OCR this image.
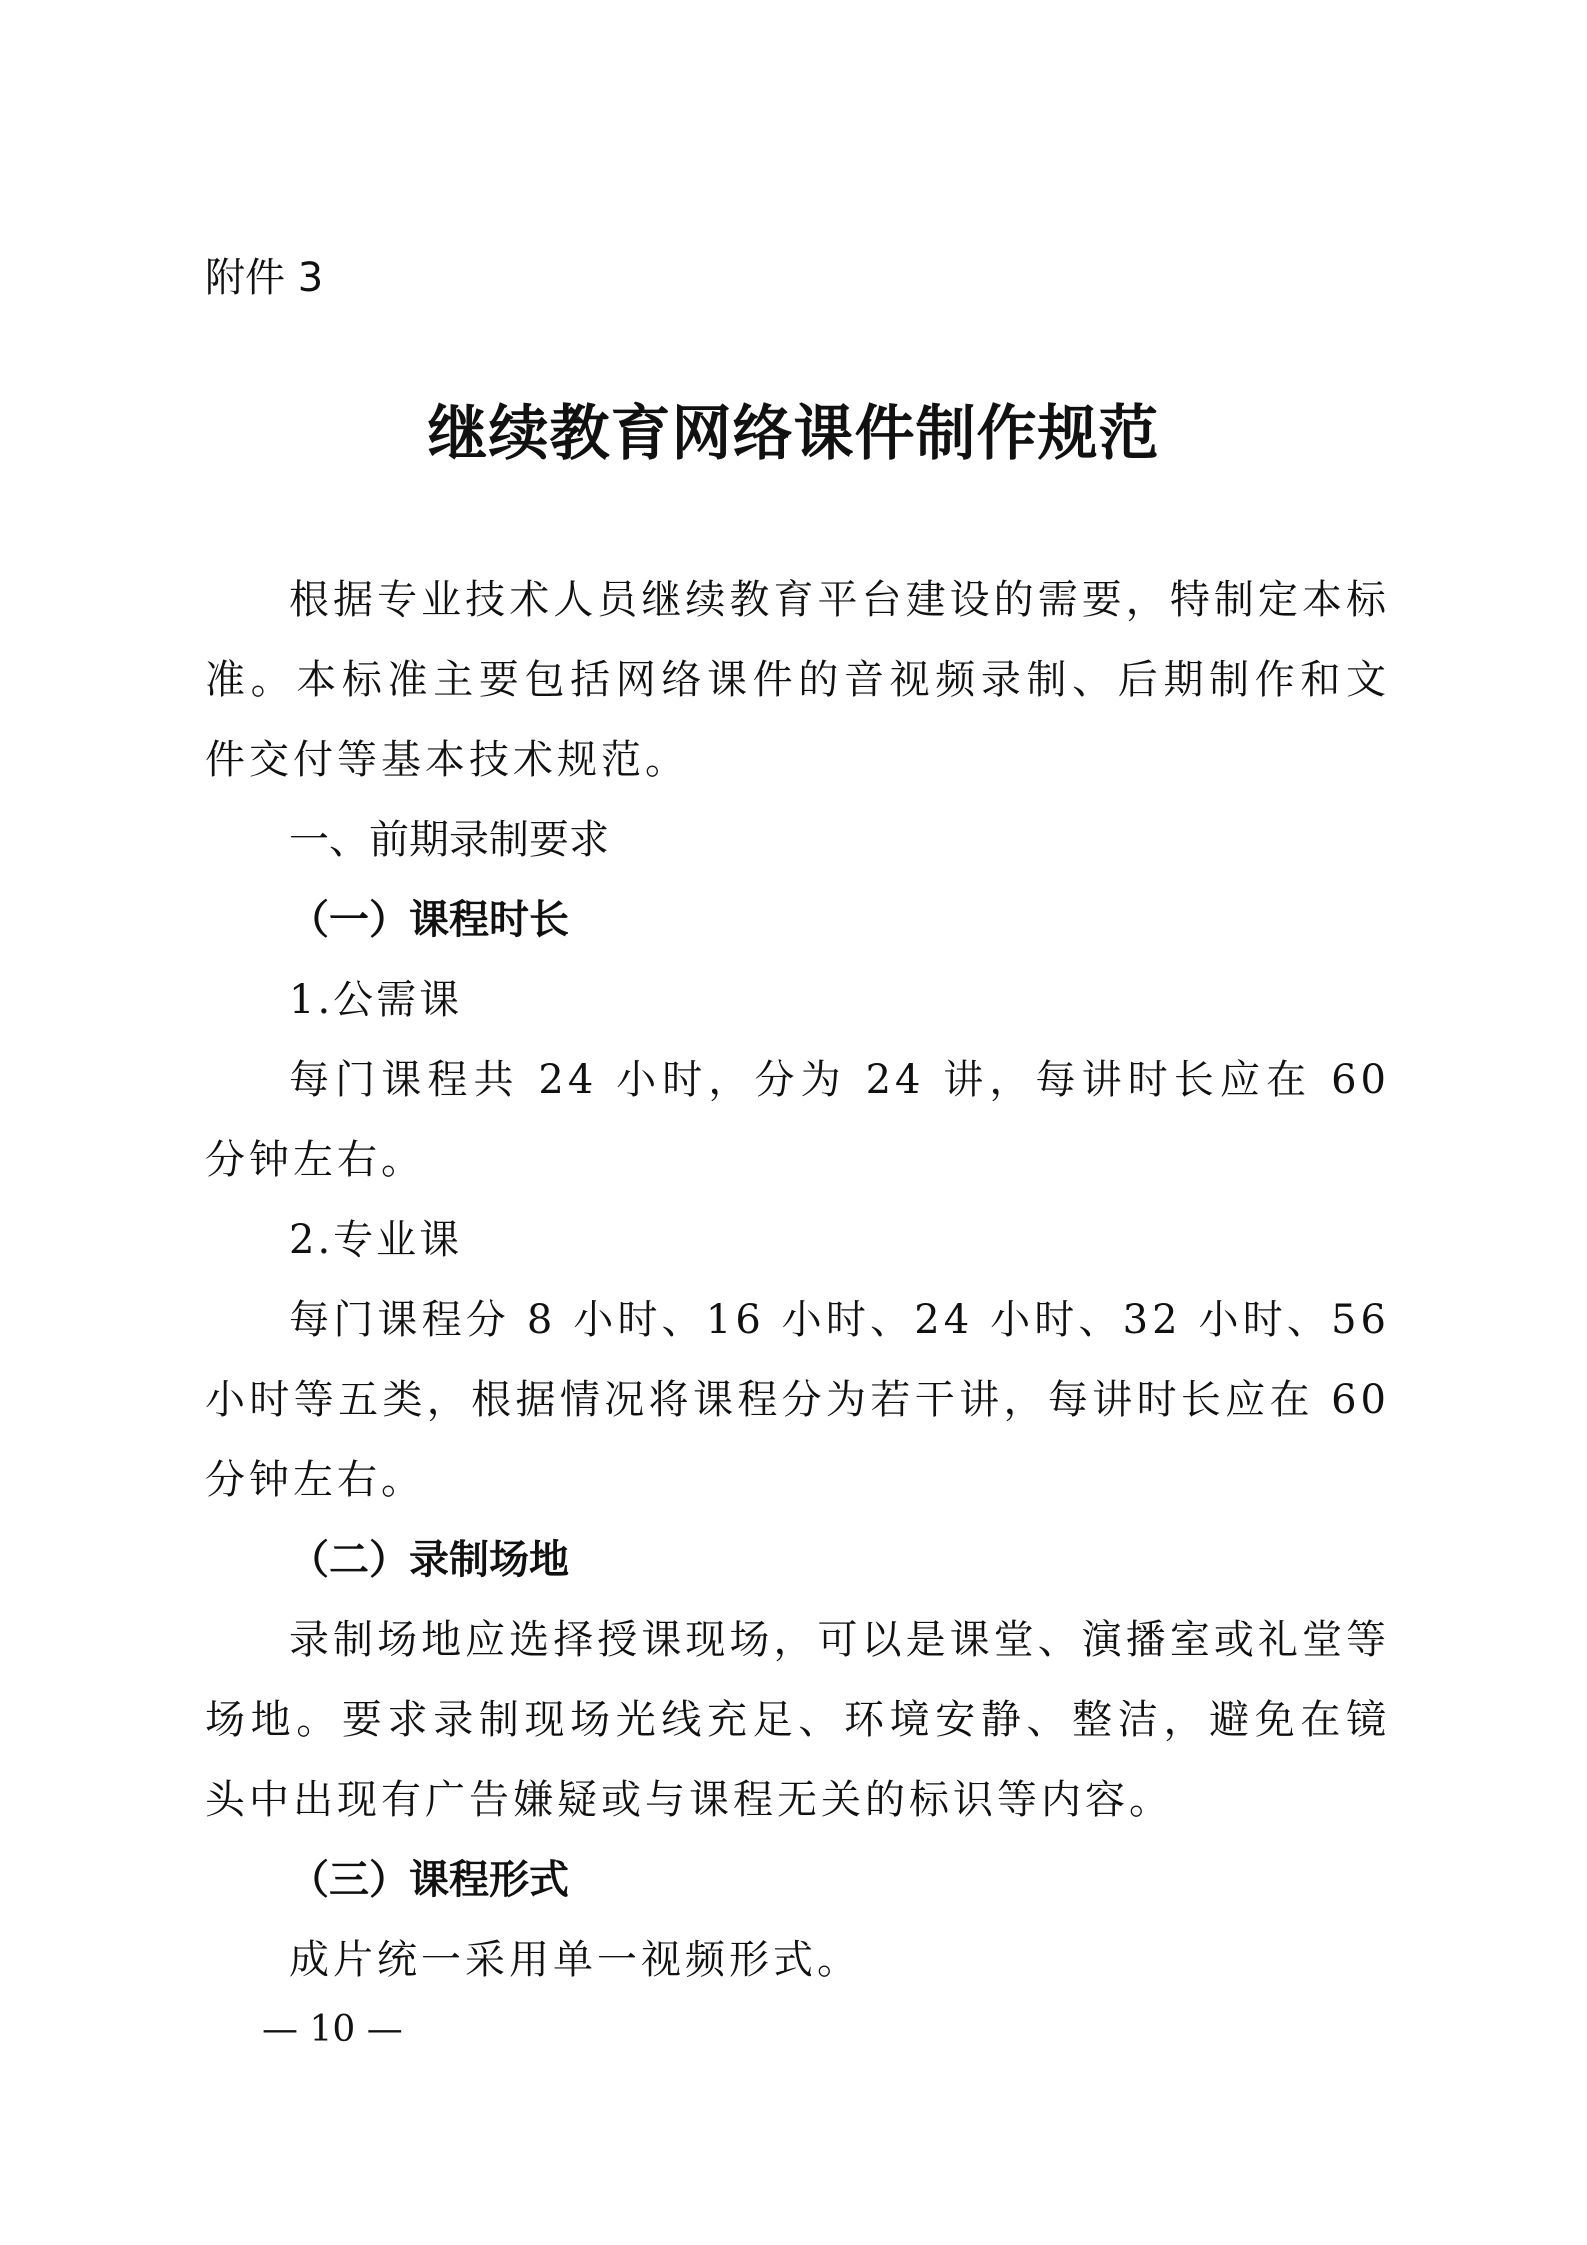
附件 3
继续教育网络课件制作规范

根据专业技术人员继续教育平台建设的需要，特制定本标准。本标准主要包括网络课件的音视频录制、后期制作和文件交付等基本技术规范。

一、前期录制要求

（一）课程时长

1.公需课

每门课程共 24 小时，分为 24 讲，每讲时长应在 60 分钟左右。

2.专业课

每门课程分 8 小时、16 小时、24 小时、32 小时、56 小时等五类，根据情况将课程分为若干讲，每讲时长应在 60 分钟左右。

（二）录制场地

录制场地应选择授课现场，可以是课堂、演播室或礼堂等场地。要求录制现场光线充足、环境安静、整洁，避免在镜头中出现有广告嫌疑或与课程无关的标识等内容。

（三）课程形式

成片统一采用单一视频形式。

— 10 —
